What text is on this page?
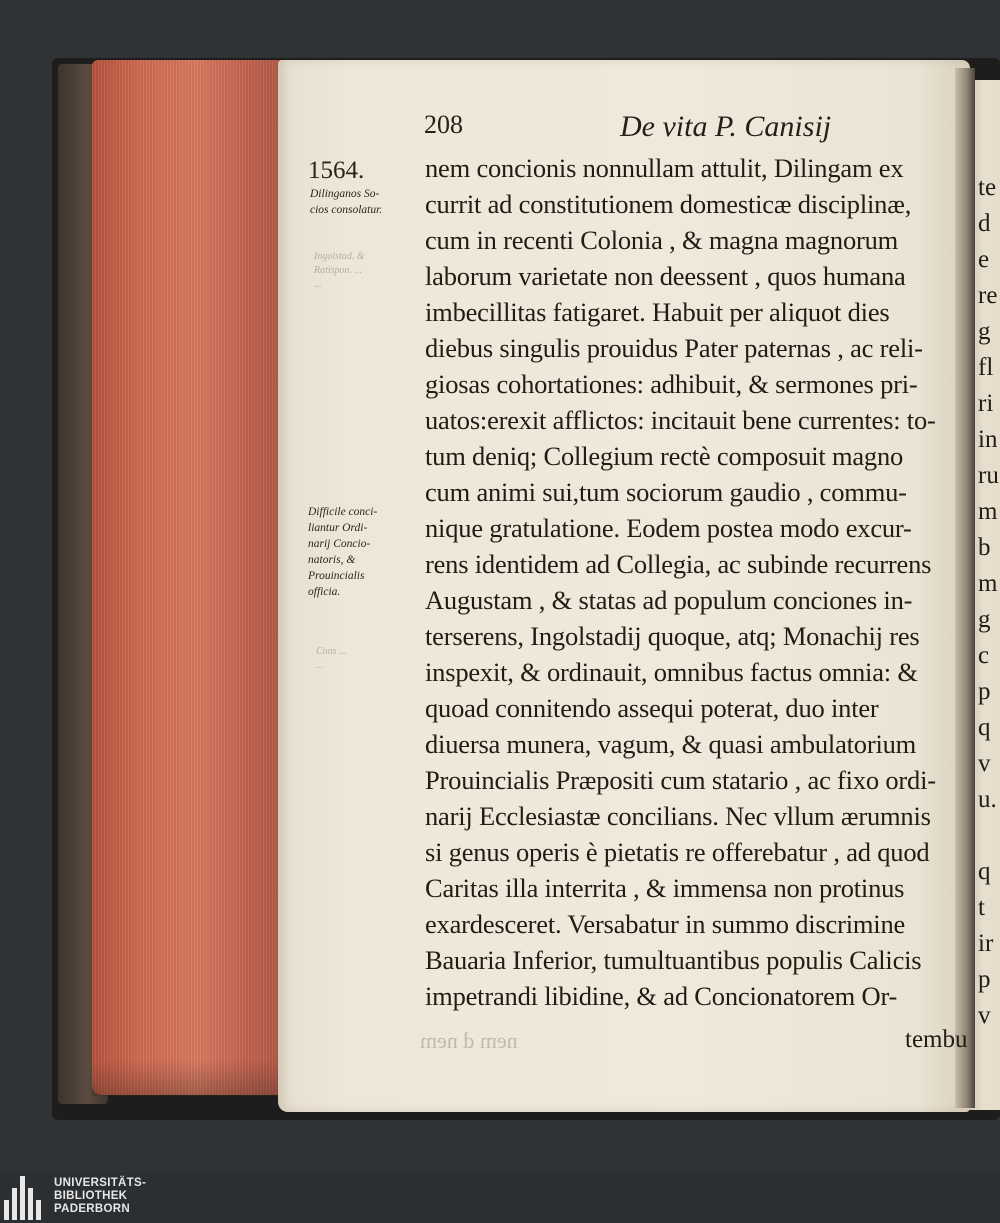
208	De vita P. Canisij
1564.
Dilinganos So-
cios consolatur.
Difficile conci-
liantur Ordi-
narij Concio-
natoris, &
Prouincialis
officia.
Ingolstad. &
Ratispon. ...
...
Cons ...
...
nem concionis nonnullam attulit, Dilingam ex
currit ad constitutionem domesticæ disciplinæ,
cum in recenti Colonia , & magna magnorum
laborum varietate non deessent , quos humana
imbecillitas fatigaret. Habuit per aliquot dies
diebus singulis prouidus Pater paternas , ac reli-
giosas cohortationes: adhibuit, & sermones pri-
uatos:erexit afflictos: incitauit bene currentes: to-
tum deniq; Collegium rectè composuit magno
cum animi sui,tum sociorum gaudio , commu-
nique gratulatione. Eodem postea modo excur-
rens identidem ad Collegia, ac subinde recurrens
Augustam , & statas ad populum conciones in-
terserens, Ingolstadij quoque, atq; Monachij res
inspexit, & ordinauit, omnibus factus omnia: &
quoad connitendo assequi poterat, duo inter
diuersa munera, vagum, & quasi ambulatorium
Prouincialis Præpositi cum statario , ac fixo ordi-
narij Ecclesiastæ concilians. Nec vllum ærumnis
si genus operis è pietatis re offerebatur , ad quod
Caritas illa interrita , & immensa non protinus
exardesceret. Versabatur in summo discrimine
Bauaria Inferior, tumultuantibus populis Calicis
impetrandi libidine, & ad Concionatorem Or-
nem d nem	tembu
te
d
e
re
g
fl
ri
in
ru
m
b
m
g
c
p
q
v
u.
q
t
ir
p
v
UNIVERSITÄTS-
BIBLIOTHEK
PADERBORN
